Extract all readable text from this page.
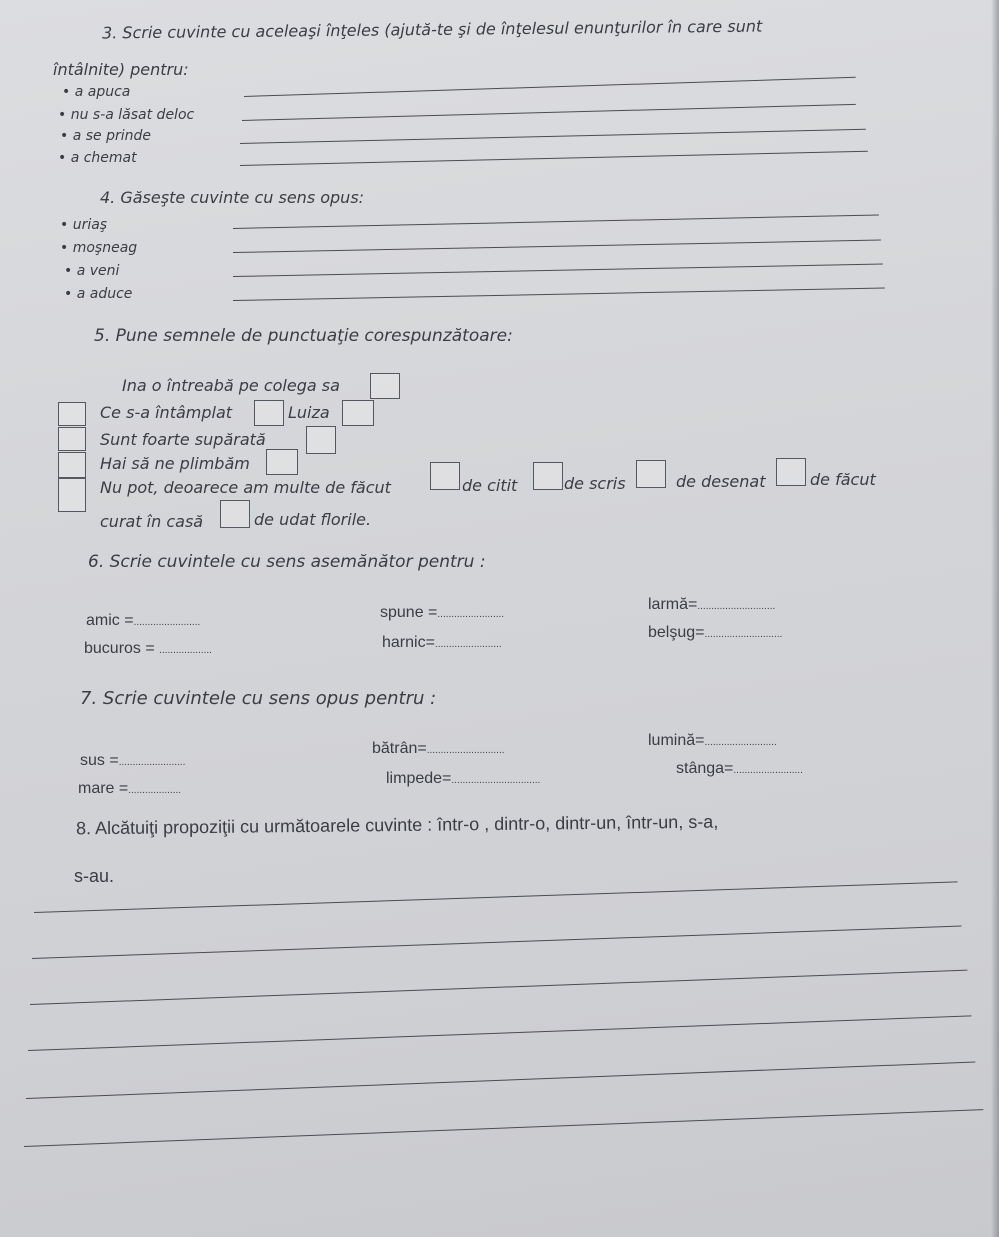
3. Scrie cuvinte cu aceleaşi înţeles (ajută-te şi de înţelesul enunţurilor în care sunt
întâlnite) pentru:
• a apuca
• nu s-a lăsat deloc
• a se prinde
• a chemat
4. Găseşte cuvinte cu sens opus:
• uriaş
• moşneag
• a veni
• a aduce
5. Pune semnele de punctuaţie corespunzătoare:
Ina o întreabă pe colega sa
Ce s-a întâmplat	Luiza
Sunt foarte supărată
Hai să ne plimbăm
Nu pot, deoarece am multe de făcut	de citit	de scris	de desenat	de făcut
curat în casă	de udat florile.
6. Scrie cuvintele cu sens asemănător pentru :
amic =........................
bucuros = ...................
spune =........................
harnic=........................
larmă=............................
belşug=............................
7. Scrie cuvintele cu sens opus pentru :
sus =........................
mare =...................
bătrân=............................
limpede=................................
lumină=..........................
stânga=.........................
8. Alcătuiţi propoziţii cu următoarele cuvinte : într-o , dintr-o, dintr-un, într-un, s-a,
s-au.
